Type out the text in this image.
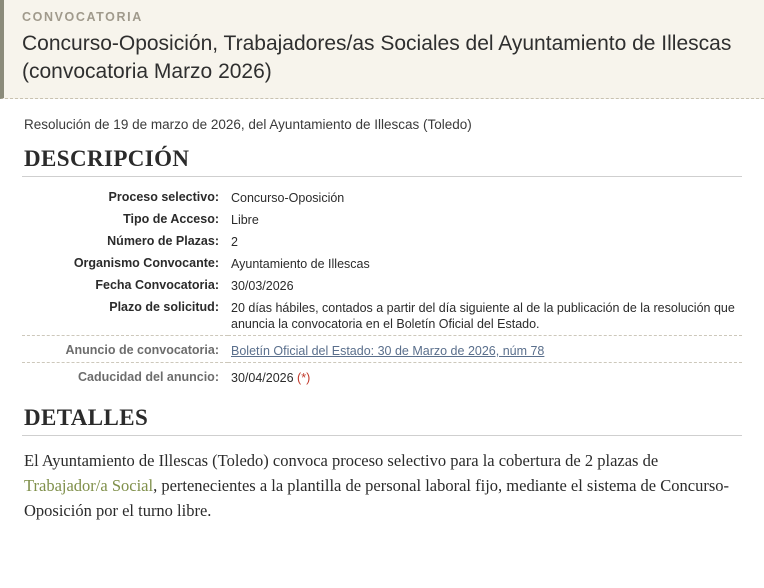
CONVOCATORIA
Concurso-Oposición, Trabajadores/as Sociales del Ayuntamiento de Illescas (convocatoria Marzo 2026)

Resolución de 19 de marzo de 2026, del Ayuntamiento de Illescas (Toledo)

DESCRIPCIÓN
Proceso selectivo:	Concurso-Oposición
Tipo de Acceso:	Libre
Número de Plazas:	2
Organismo Convocante:	Ayuntamiento de Illescas
Fecha Convocatoria:	30/03/2026
Plazo de solicitud:	20 días hábiles, contados a partir del día siguiente al de la publicación de la resolución que anuncia la convocatoria en el Boletín Oficial del Estado.
Anuncio de convocatoria:	Boletín Oficial del Estado: 30 de Marzo de 2026, núm 78
Caducidad del anuncio:	30/04/2026 (*)
DETALLES

El Ayuntamiento de Illescas (Toledo) convoca proceso selectivo para la cobertura de 2 plazas de Trabajador/a Social, pertenecientes a la plantilla de personal laboral fijo, mediante el sistema de Concurso-Oposición por el turno libre.
